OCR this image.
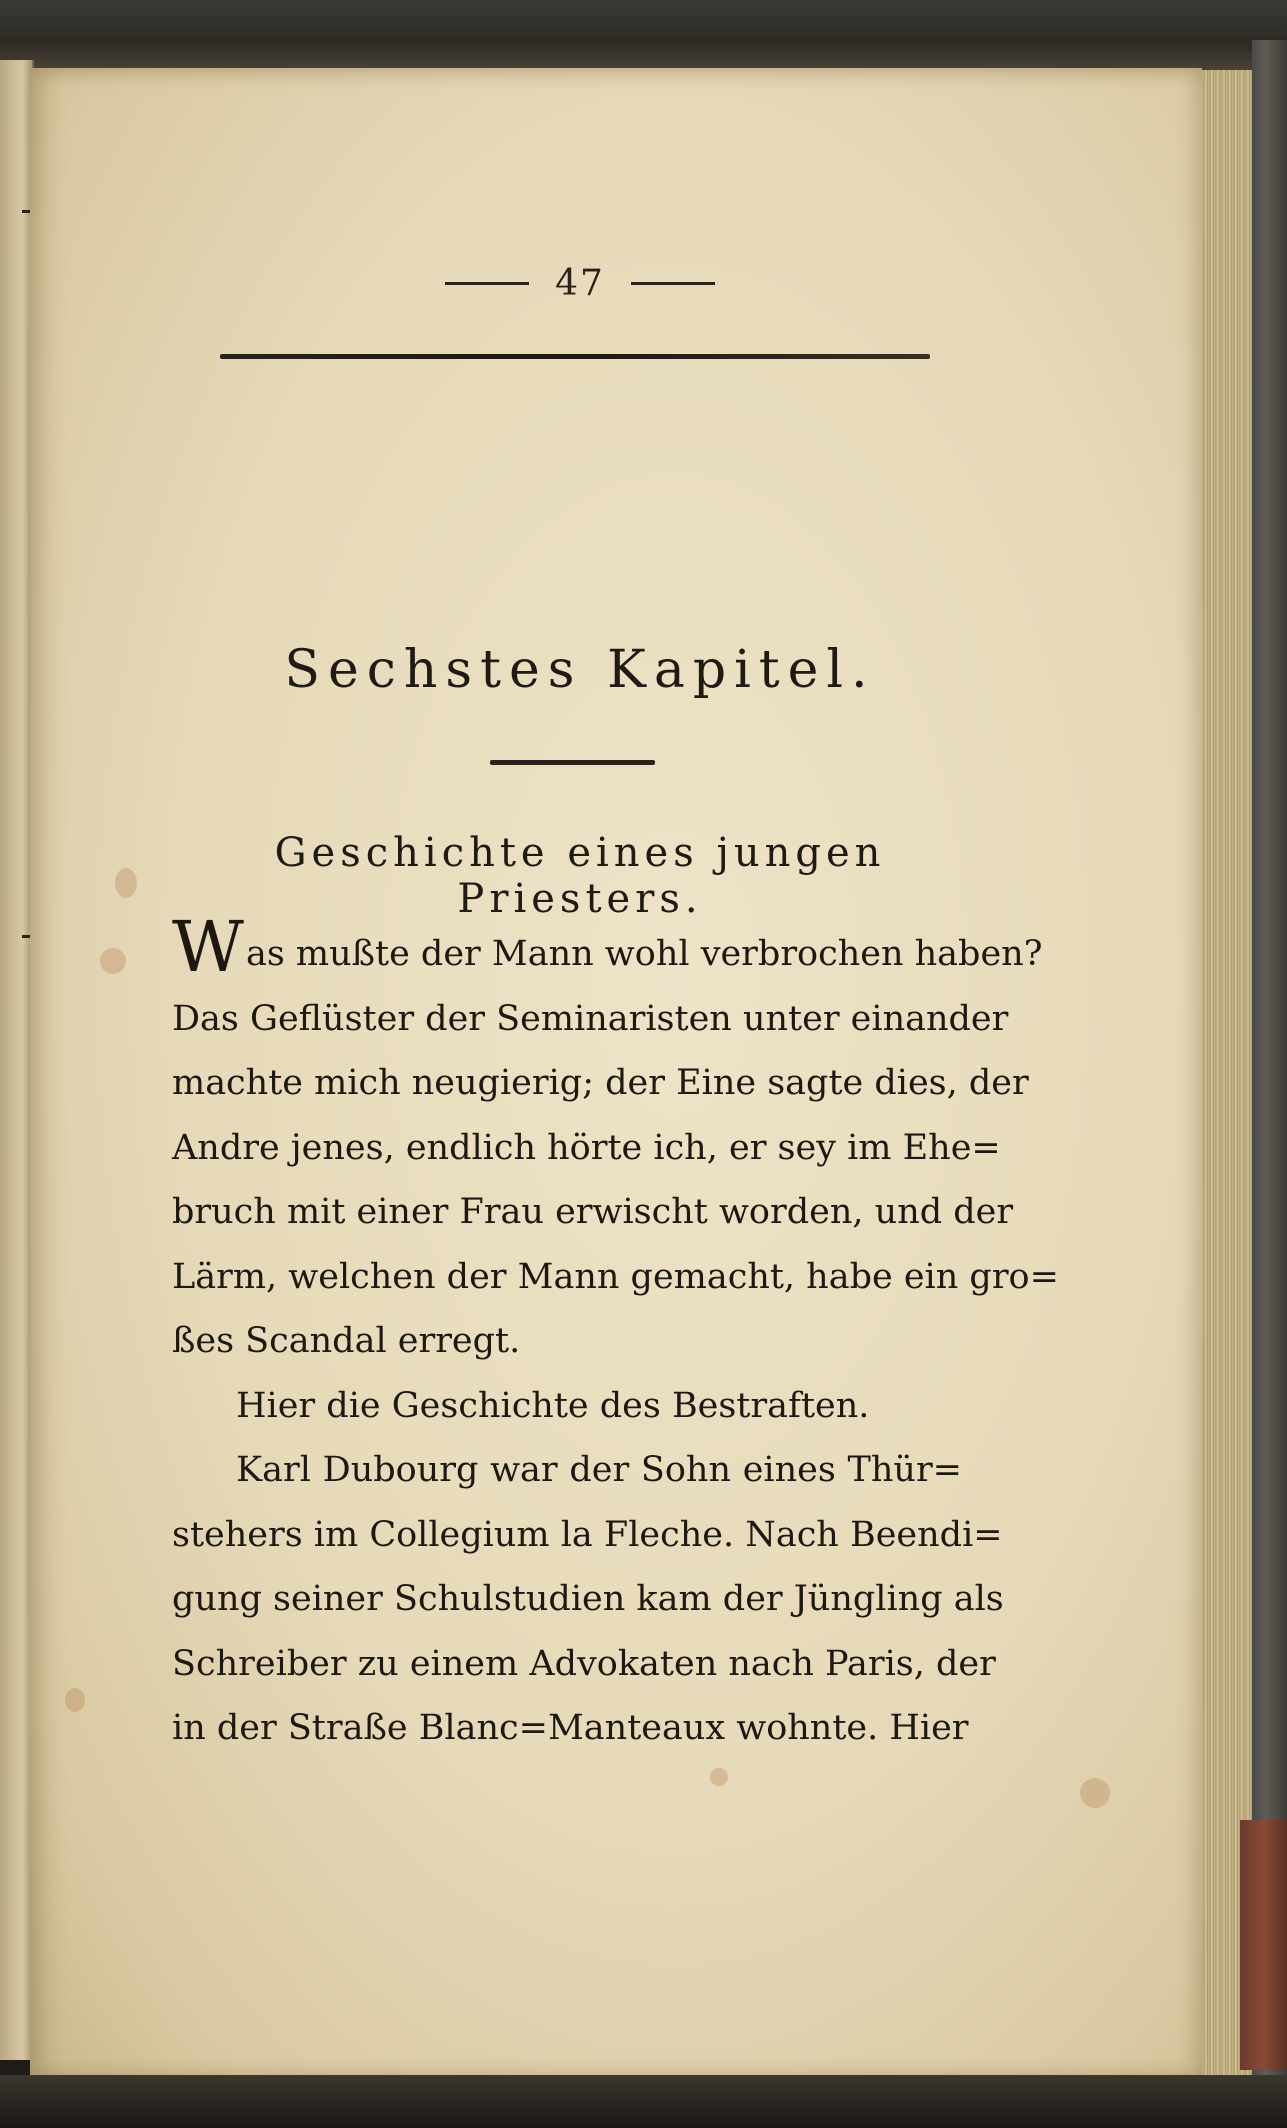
47
Sechstes Kapitel.
Geschichte eines jungen Priesters.
Was mußte der Mann wohl verbrochen haben?
Das Geflüster der Seminaristen unter einander
machte mich neugierig; der Eine sagte dies, der
Andre jenes, endlich hörte ich, er sey im Ehe=
bruch mit einer Frau erwischt worden, und der
Lärm, welchen der Mann gemacht, habe ein gro=
ßes Scandal erregt.
Hier die Geschichte des Bestraften.
Karl Dubourg war der Sohn eines Thür=
stehers im Collegium la Fleche. Nach Beendi=
gung seiner Schulstudien kam der Jüngling als
Schreiber zu einem Advokaten nach Paris, der
in der Straße Blanc=Manteaux wohnte. Hier
